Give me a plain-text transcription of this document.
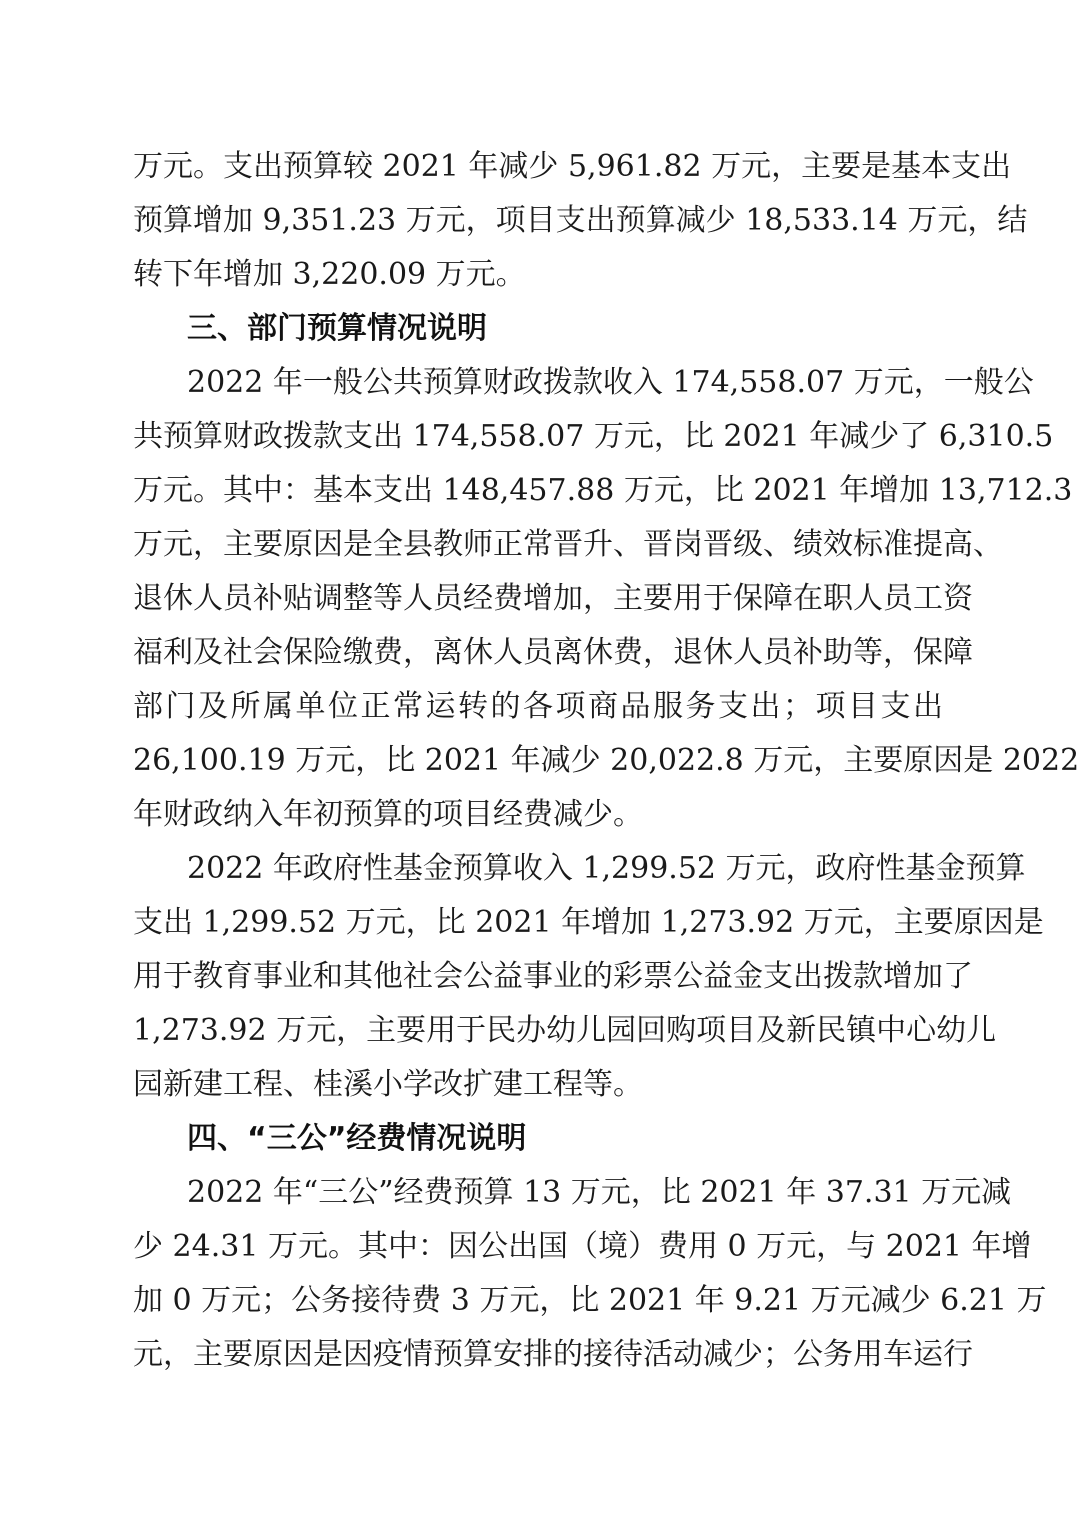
万元。支出预算较 2021 年减少 5,961.82 万元，主要是基本支出
预算增加 9,351.23 万元，项目支出预算减少 18,533.14 万元，结
转下年增加 3,220.09 万元。
三、部门预算情况说明
2022 年一般公共预算财政拨款收入 174,558.07 万元，一般公
共预算财政拨款支出 174,558.07 万元，比 2021 年减少了 6,310.5
万元。其中：基本支出 148,457.88 万元，比 2021 年增加 13,712.3
万元，主要原因是全县教师正常晋升、晋岗晋级、绩效标准提高、
退休人员补贴调整等人员经费增加，主要用于保障在职人员工资
福利及社会保险缴费，离休人员离休费，退休人员补助等，保障
部门及所属单位正常运转的各项商品服务支出；项目支出
26,100.19 万元，比 2021 年减少 20,022.8 万元，主要原因是 2022
年财政纳入年初预算的项目经费减少。
2022 年政府性基金预算收入 1,299.52 万元，政府性基金预算
支出 1,299.52 万元，比 2021 年增加 1,273.92 万元，主要原因是
用于教育事业和其他社会公益事业的彩票公益金支出拨款增加了
1,273.92 万元，主要用于民办幼儿园回购项目及新民镇中心幼儿
园新建工程、桂溪小学改扩建工程等。
四、“三公”经费情况说明
2022 年“三公”经费预算 13 万元，比 2021 年 37.31 万元减
少 24.31 万元。其中：因公出国（境）费用 0 万元，与 2021 年增
加 0 万元；公务接待费 3 万元，比 2021 年 9.21 万元减少 6.21 万
元，主要原因是因疫情预算安排的接待活动减少；公务用车运行
